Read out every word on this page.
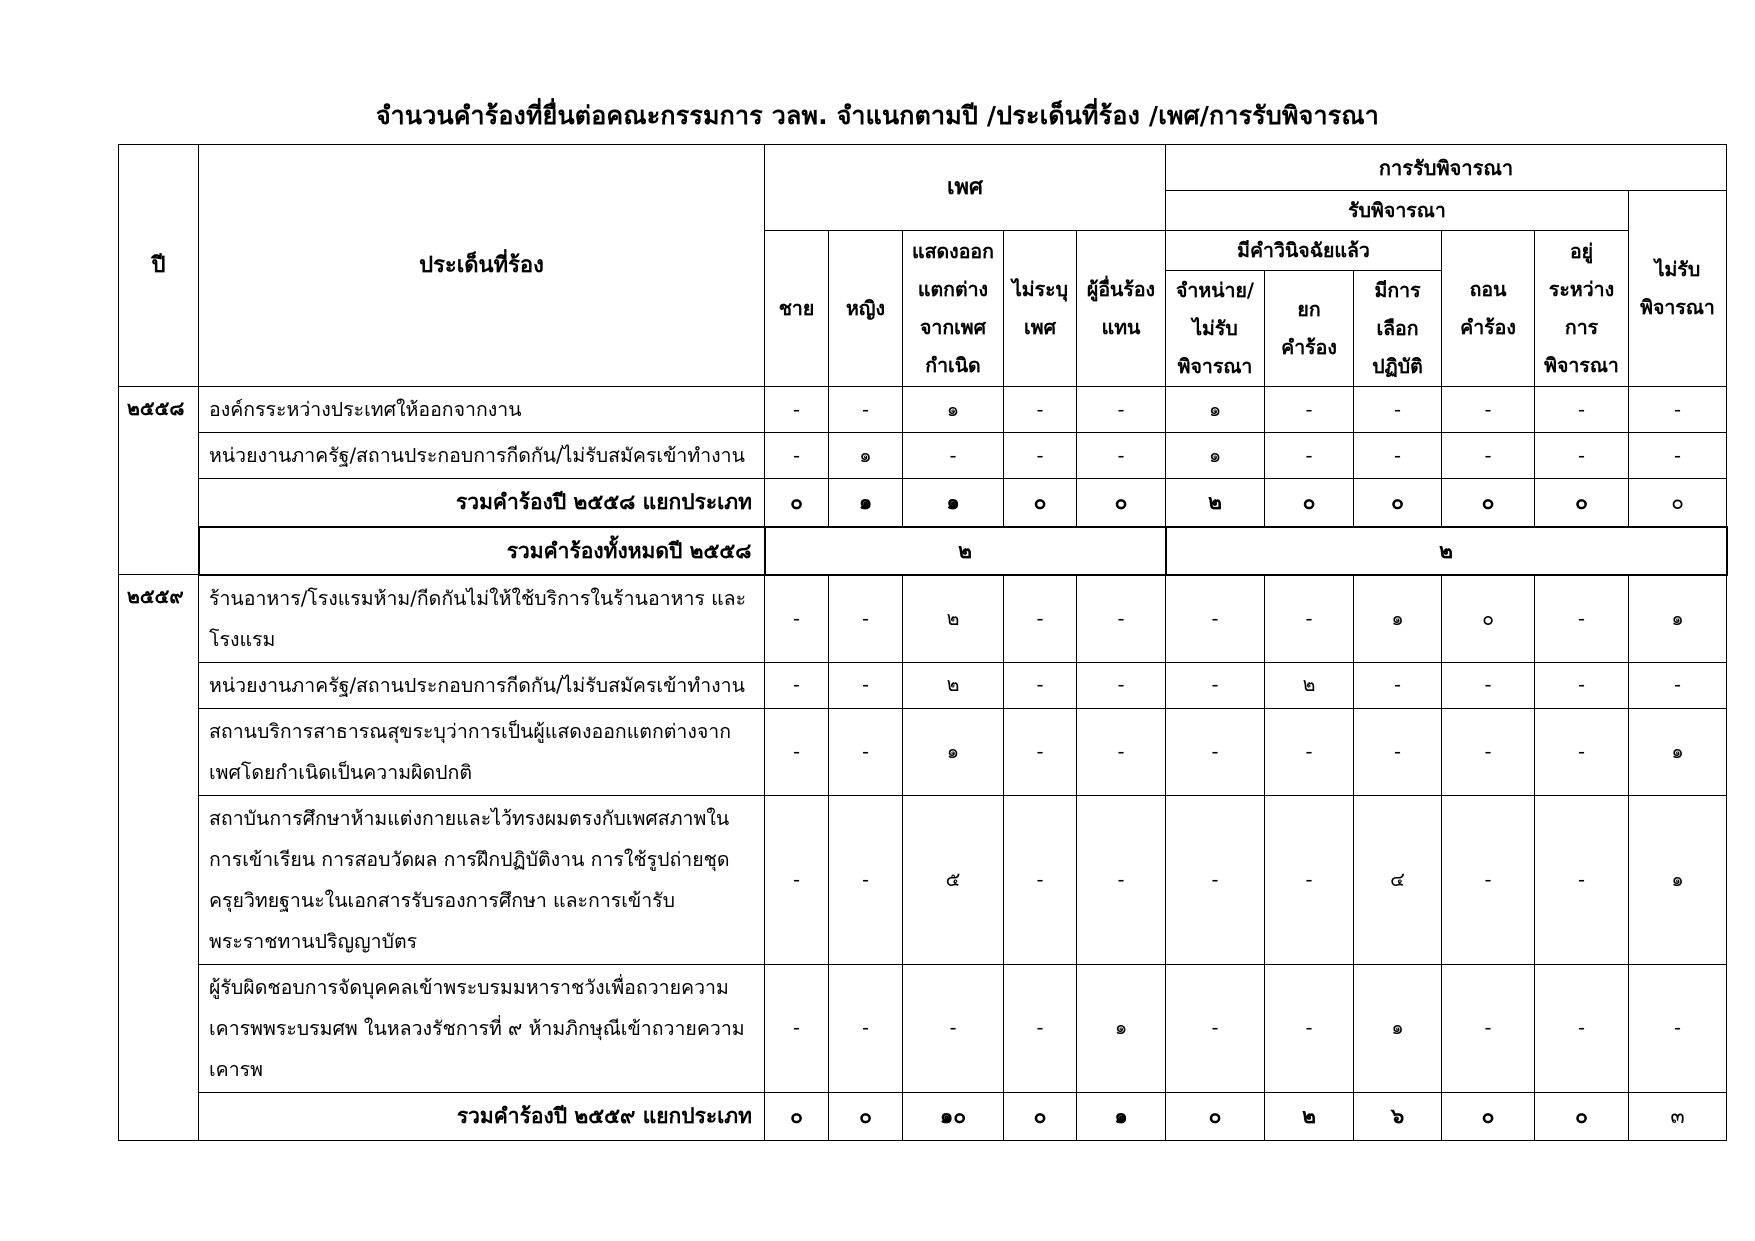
จำนวนคำร้องที่ยื่นต่อคณะกรรมการ วลพ. จำแนกตามปี /ประเด็นที่ร้อง /เพศ/การรับพิจารณา
ปี	ประเด็นที่ร้อง	เพศ					การรับพิจารณา					
							รับพิจารณา					ไม่รับพิจารณา
		ชาย	หญิง	แสดงออกแตกต่างจากเพศกำเนิด	ไม่ระบุเพศ	ผู้อื่นร้องแทน	มีคำวินิจฉัยแล้ว			ถอนคำร้อง	อยู่ระหว่างการพิจารณา	
							จำหน่าย/ไม่รับพิจารณา	ยกคำร้อง	มีการเลือกปฏิบัติ			
๒๕๕๘	องค์กรระหว่างประเทศให้ออกจากงาน	-	-	๑	-	-	๑	-	-	-	-	-
	หน่วยงานภาครัฐ/สถานประกอบการกีดกัน/ไม่รับสมัครเข้าทำงาน	-	๑	-	-	-	๑	-	-	-	-	-
	รวมคำร้องปี ๒๕๕๘ แยกประเภท	๐	๑	๑	๐	๐	๒	๐	๐	๐	๐	๐
	รวมคำร้องทั้งหมดปี ๒๕๕๘	๒					๒					
๒๕๕๙	ร้านอาหาร/โรงแรมห้าม/กีดกันไม่ให้ใช้บริการในร้านอาหาร และโรงแรม	-	-	๒	-	-	-	-	๑	๐	-	๑
	หน่วยงานภาครัฐ/สถานประกอบการกีดกัน/ไม่รับสมัครเข้าทำงาน	-	-	๒	-	-	-	๒	-	-	-	-
	สถานบริการสาธารณสุขระบุว่าการเป็นผู้แสดงออกแตกต่างจากเพศโดยกำเนิดเป็นความผิดปกติ	-	-	๑	-	-	-	-	-	-	-	๑
	สถาบันการศึกษาห้ามแต่งกายและไว้ทรงผมตรงกับเพศสภาพในการเข้าเรียน การสอบวัดผล การฝึกปฏิบัติงาน การใช้รูปถ่ายชุดครุยวิทยฐานะในเอกสารรับรองการศึกษา และการเข้ารับพระราชทานปริญญาบัตร	-	-	๕	-	-	-	-	๔	-	-	๑
	ผู้รับผิดชอบการจัดบุคคลเข้าพระบรมมหาราชวังเพื่อถวายความเคารพพระบรมศพ ในหลวงรัชการที่ ๙ ห้ามภิกษุณีเข้าถวายความเคารพ	-	-	-	-	๑	-	-	๑	-	-	-
	รวมคำร้องปี ๒๕๕๙ แยกประเภท	๐	๐	๑๐	๐	๑	๐	๒	๖	๐	๐	๓
